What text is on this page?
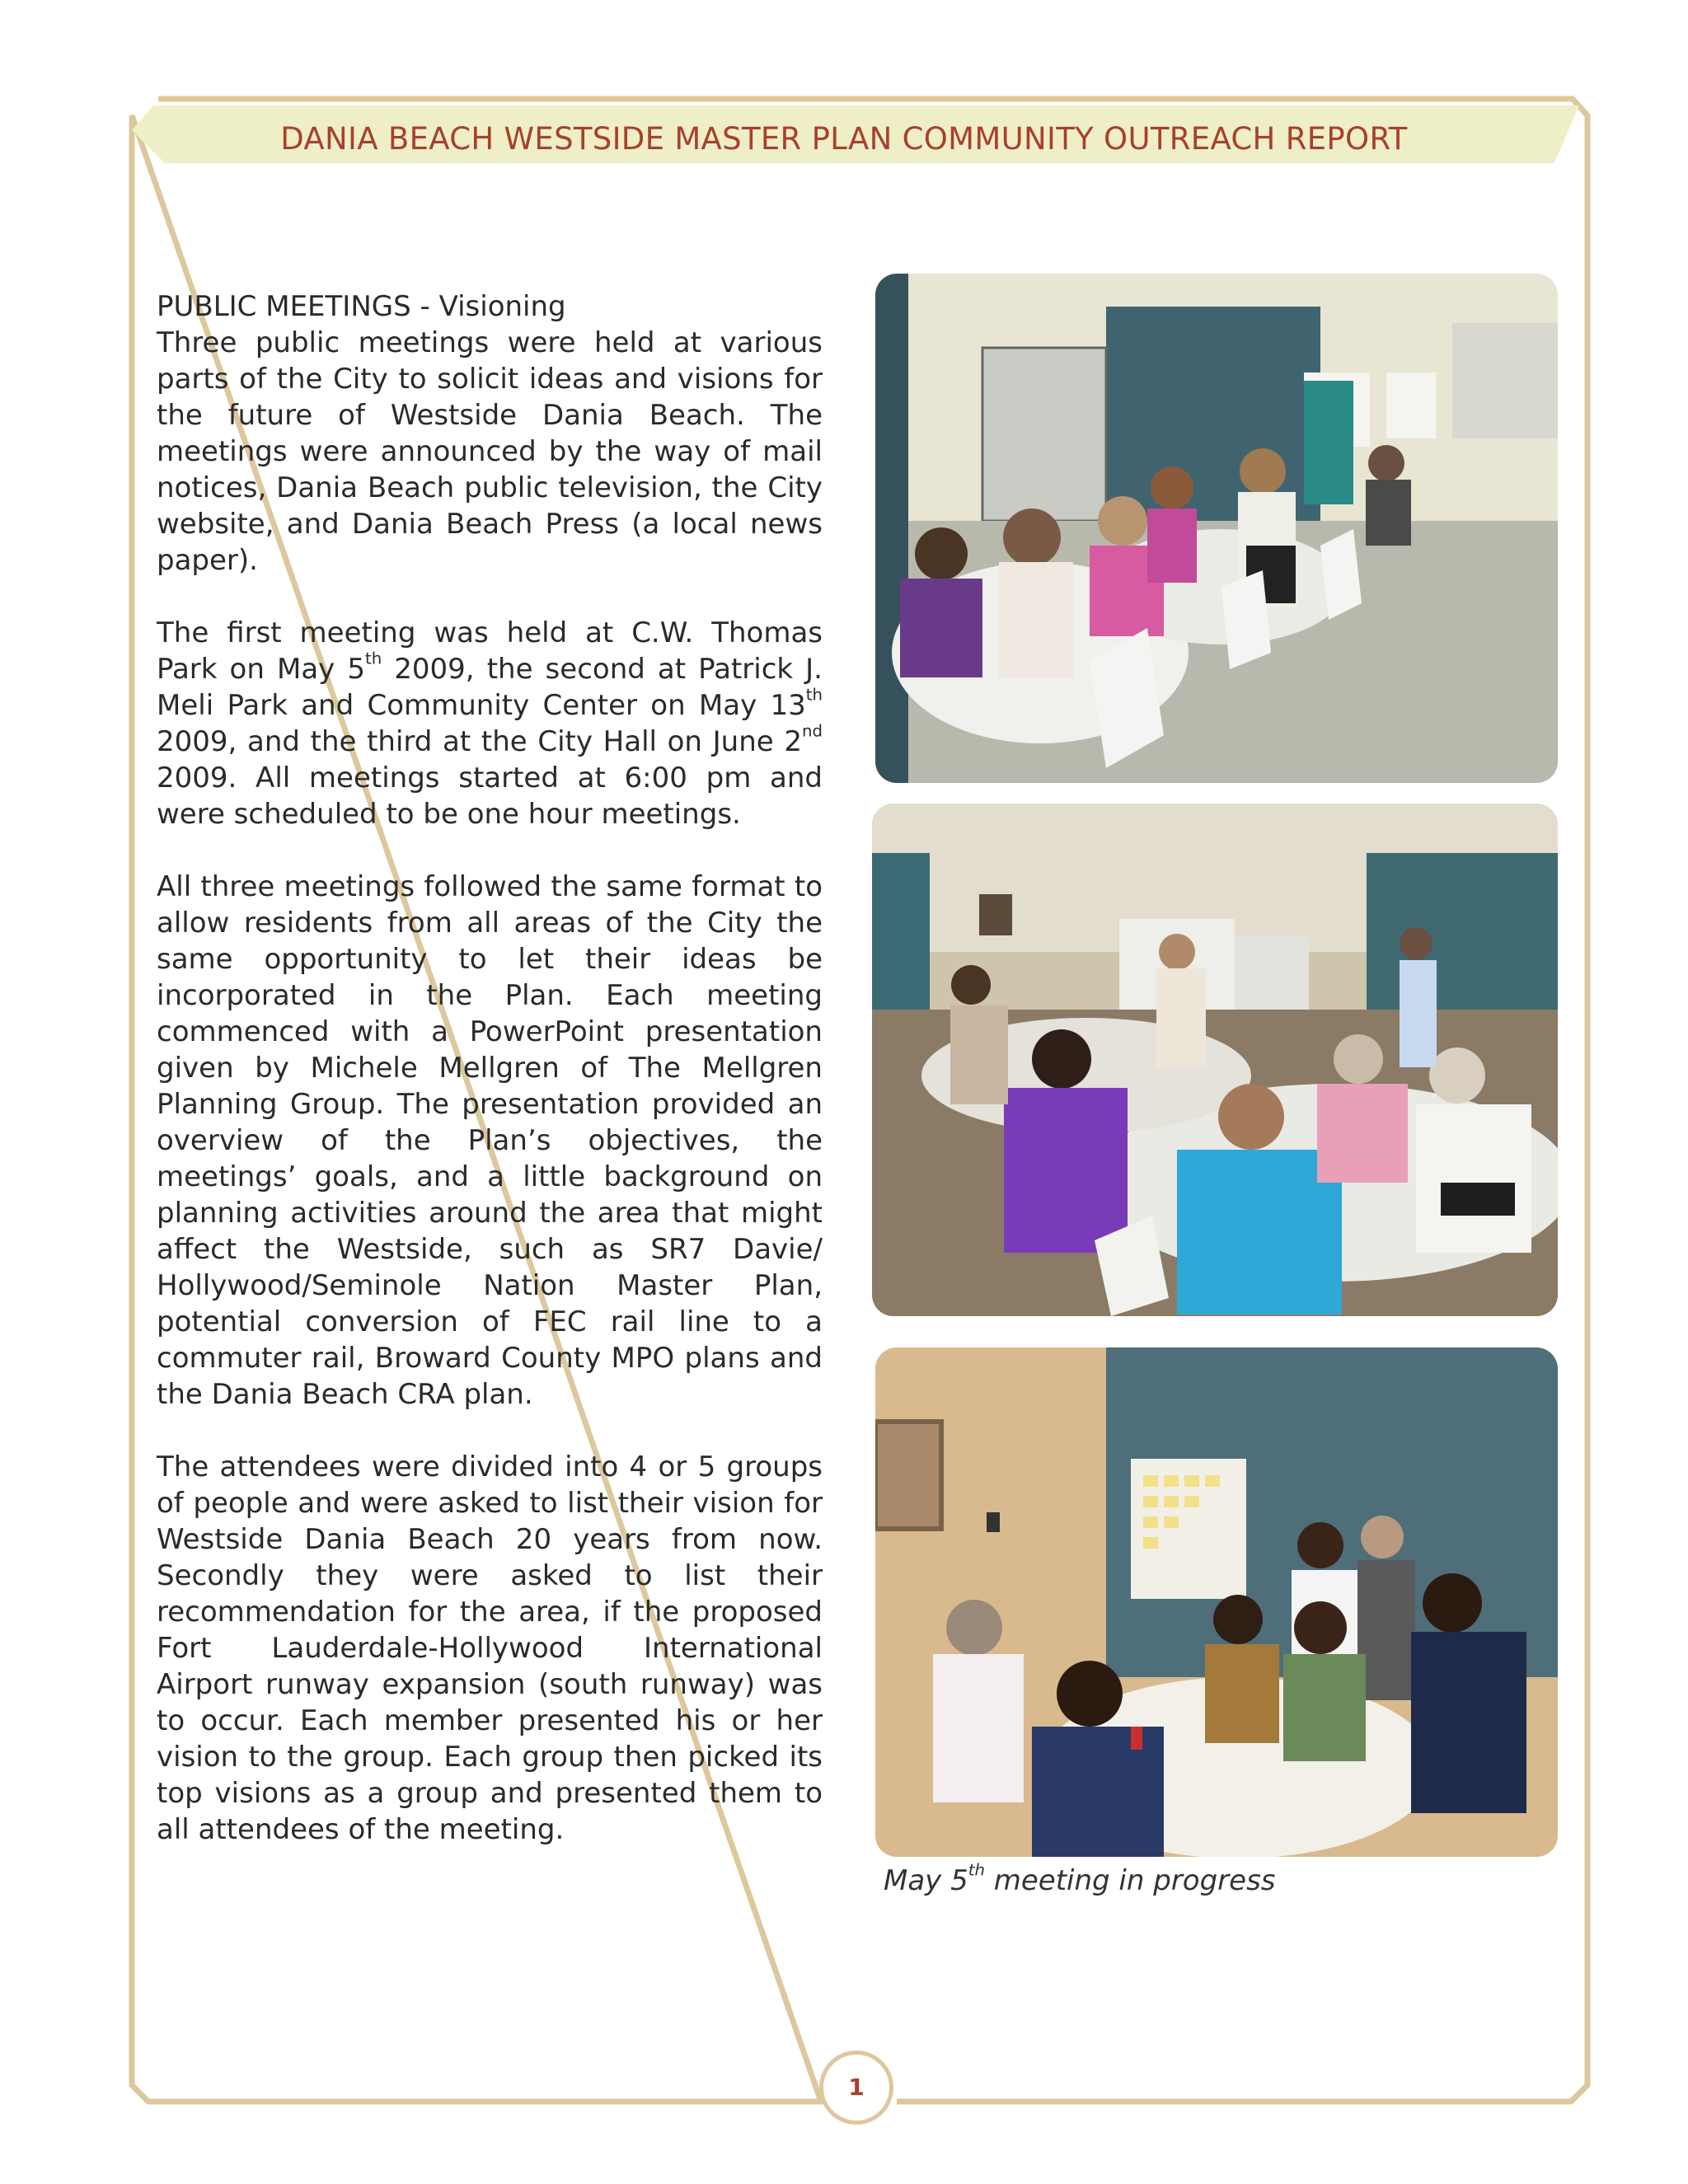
DANIA BEACH WESTSIDE MASTER PLAN COMMUNITY OUTREACH REPORT

PUBLIC MEETINGS - Visioning

Three public meetings were held at various parts of the City to solicit ideas and visions for the future of Westside Dania Beach. The meetings were announced by the way of mail notices, Dania Beach public television, the City website, and Dania Beach Press (a local news paper).

The first meeting was held at C.W. Thomas Park on May 5th 2009, the second at Patrick J. Meli Park and Community Center on May 13th 2009, and the third at the City Hall on June 2nd 2009. All meetings started at 6:00 pm and were scheduled to be one hour meetings.

All three meetings followed the same format to allow residents from all areas of the City the same opportunity to let their ideas be incorporated in the Plan. Each meeting commenced with a PowerPoint presentation given by Michele Mellgren of The Mellgren Planning Group. The presentation provided an overview of the Plan’s objectives, the meetings’ goals, and a little background on planning activities around the area that might affect the Westside, such as SR7 Davie/ Hollywood/Seminole Nation Master Plan, potential conversion of FEC rail line to a commuter rail, Broward County MPO plans and the Dania Beach CRA plan.

The attendees were divided into 4 or 5 groups of people and were asked to list their vision for Westside Dania Beach 20 years from now. Secondly they were asked to list their recommendation for the area, if the proposed Fort Lauderdale-Hollywood International Airport runway expansion (south runway) was to occur. Each member presented his or her vision to the group. Each group then picked its top visions as a group and presented them to all attendees of the meeting.

May 5th meeting in progress
1
